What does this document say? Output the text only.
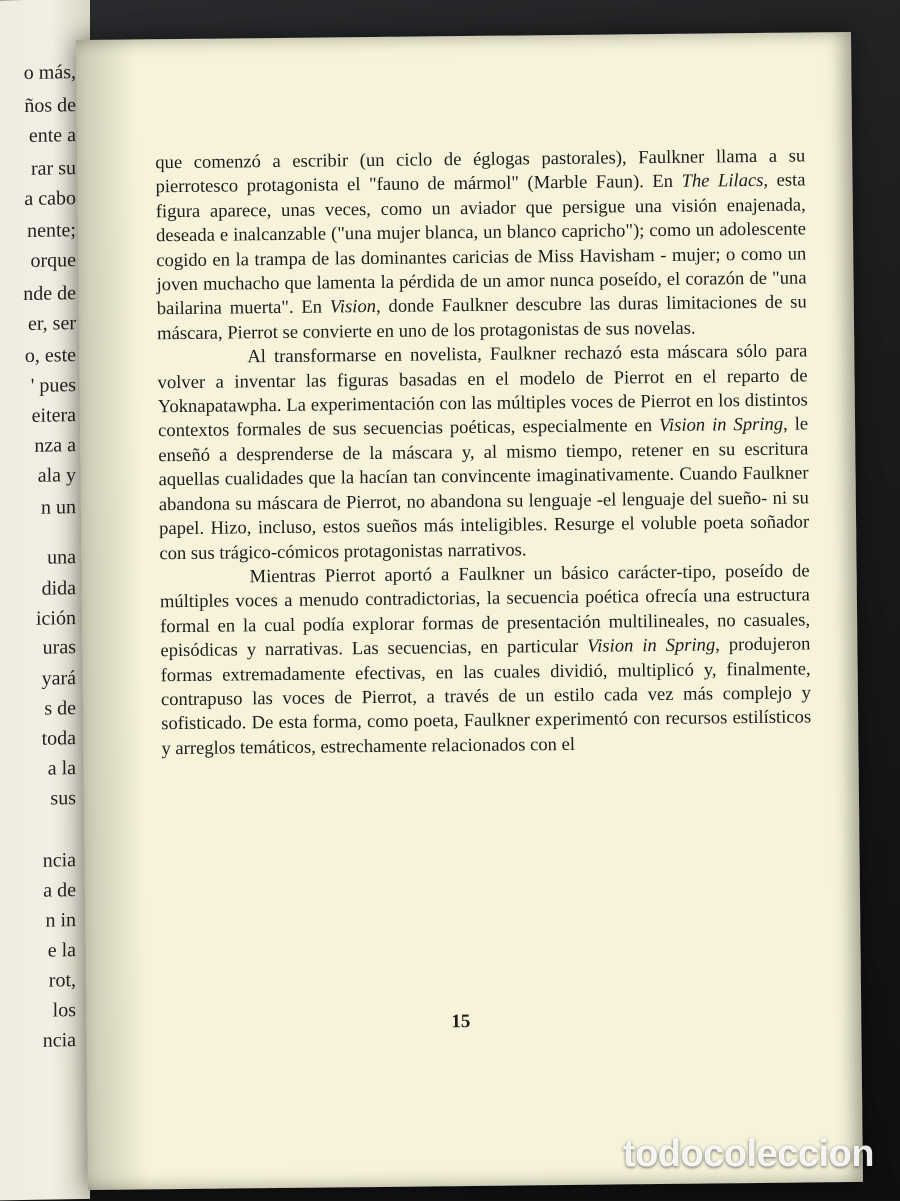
o más,
ños de
ente a
rar su
a cabo
nente;
orque
nde de
er, ser
o, este
' pues
eitera
nza a
ala y
n un
una
dida
ición
uras
yará
s de
toda
a la
sus
ncia
a de
n in
e la
rot,
los
ncia

que comenzó a escribir (un ciclo de églogas pastorales), Faulkner llama a su pierrotesco protagonista el "fauno de mármol" (Marble Faun). En The Lilacs, esta figura aparece, unas veces, como un aviador que persigue una visión enajenada, deseada e inalcanzable ("una mujer blanca, un blanco capricho"); como un adolescente cogido en la trampa de las dominantes caricias de Miss Havisham - mujer; o como un joven muchacho que lamenta la pérdida de un amor nunca poseído, el corazón de "una bailarina muerta". En Vision, donde Faulkner descubre las duras limitaciones de su máscara, Pierrot se convierte en uno de los protagonistas de sus novelas.

Al transformarse en novelista, Faulkner rechazó esta máscara sólo para volver a inventar las figuras basadas en el modelo de Pierrot en el reparto de Yoknapatawpha. La experimentación con las múltiples voces de Pierrot en los distintos contextos formales de sus secuencias poéticas, especialmente en Vision in Spring, le enseñó a desprenderse de la máscara y, al mismo tiempo, retener en su escritura aquellas cualidades que la hacían tan convincente imaginativamente. Cuando Faulkner abandona su máscara de Pierrot, no abandona su lenguaje -el lenguaje del sueño- ni su papel. Hizo, incluso, estos sueños más inteligibles. Resurge el voluble poeta soñador con sus trágico-cómicos protagonistas narrativos.

Mientras Pierrot aportó a Faulkner un básico carácter-tipo, poseído de múltiples voces a menudo contradictorias, la secuencia poética ofrecía una estructura formal en la cual podía explorar formas de presentación multilineales, no casuales, episódicas y narrativas. Las secuencias, en particular Vision in Spring, produjeron formas extremadamente efectivas, en las cuales dividió, multiplicó y, finalmente, contrapuso las voces de Pierrot, a través de un estilo cada vez más complejo y sofisticado. De esta forma, como poeta, Faulkner experimentó con recursos estilísticos y arreglos temáticos, estrechamente relacionados con el

15
todocoleccion
